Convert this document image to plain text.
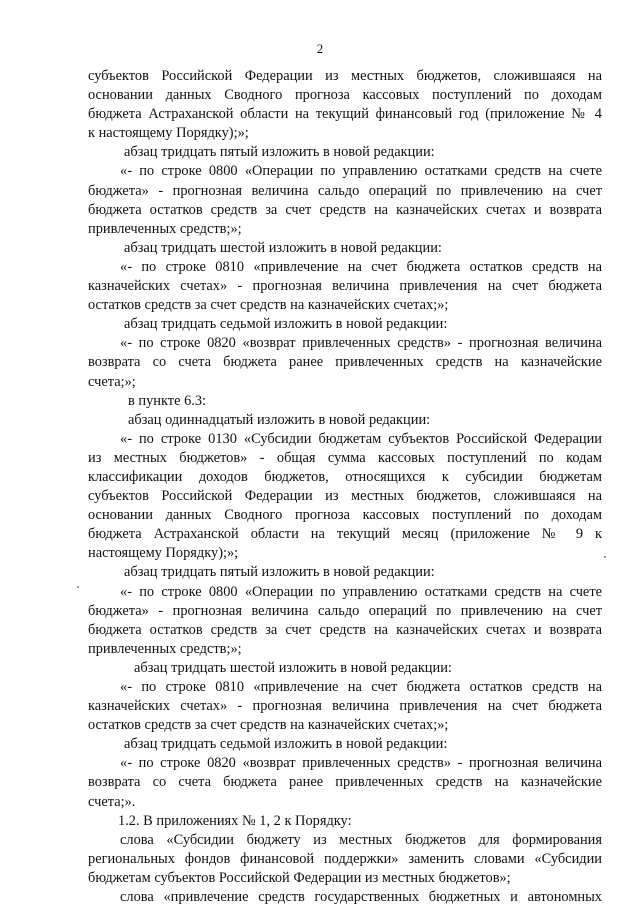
2
субъектов Российской Федерации из местных бюджетов, сложившаяся на
основании данных Сводного прогноза кассовых поступлений по доходам
бюджета Астраханской области на текущий финансовый год (приложение № 4
к настоящему Порядку);»;
абзац тридцать пятый изложить в новой редакции:
«- по строке 0800 «Операции по управлению остатками средств на счете
бюджета» - прогнозная величина сальдо операций по привлечению на счет
бюджета остатков средств за счет средств на казначейских счетах и возврата
привлеченных средств;»;
абзац тридцать шестой изложить в новой редакции:
«- по строке 0810 «привлечение на счет бюджета остатков средств на
казначейских счетах» - прогнозная величина привлечения на счет бюджета
остатков средств за счет средств на казначейских счетах;»;
абзац тридцать седьмой изложить в новой редакции:
«- по строке 0820 «возврат привлеченных средств» - прогнозная величина
возврата со счета бюджета ранее привлеченных средств на казначейские
счета;»;
в пункте 6.3:
абзац одиннадцатый изложить в новой редакции:
«- по строке 0130 «Субсидии бюджетам субъектов Российской Федерации
из местных бюджетов» - общая сумма кассовых поступлений по кодам
классификации доходов бюджетов, относящихся к субсидии бюджетам
субъектов Российской Федерации из местных бюджетов, сложившаяся на
основании данных Сводного прогноза кассовых поступлений по доходам
бюджета Астраханской области на текущий месяц (приложение № 9 к
настоящему Порядку);»;
абзац тридцать пятый изложить в новой редакции:
«- по строке 0800 «Операции по управлению остатками средств на счете
бюджета» - прогнозная величина сальдо операций по привлечению на счет
бюджета остатков средств за счет средств на казначейских счетах и возврата
привлеченных средств;»;
абзац тридцать шестой изложить в новой редакции:
«- по строке 0810 «привлечение на счет бюджета остатков средств на
казначейских счетах» - прогнозная величина привлечения на счет бюджета
остатков средств за счет средств на казначейских счетах;»;
абзац тридцать седьмой изложить в новой редакции:
«- по строке 0820 «возврат привлеченных средств» - прогнозная величина
возврата со счета бюджета ранее привлеченных средств на казначейские
счета;».
1.2. В приложениях № 1, 2 к Порядку:
слова «Субсидии бюджету из местных бюджетов для формирования
региональных фондов финансовой поддержки» заменить словами «Субсидии
бюджетам субъектов Российской Федерации из местных бюджетов»;
слова «привлечение средств государственных бюджетных и автономных
